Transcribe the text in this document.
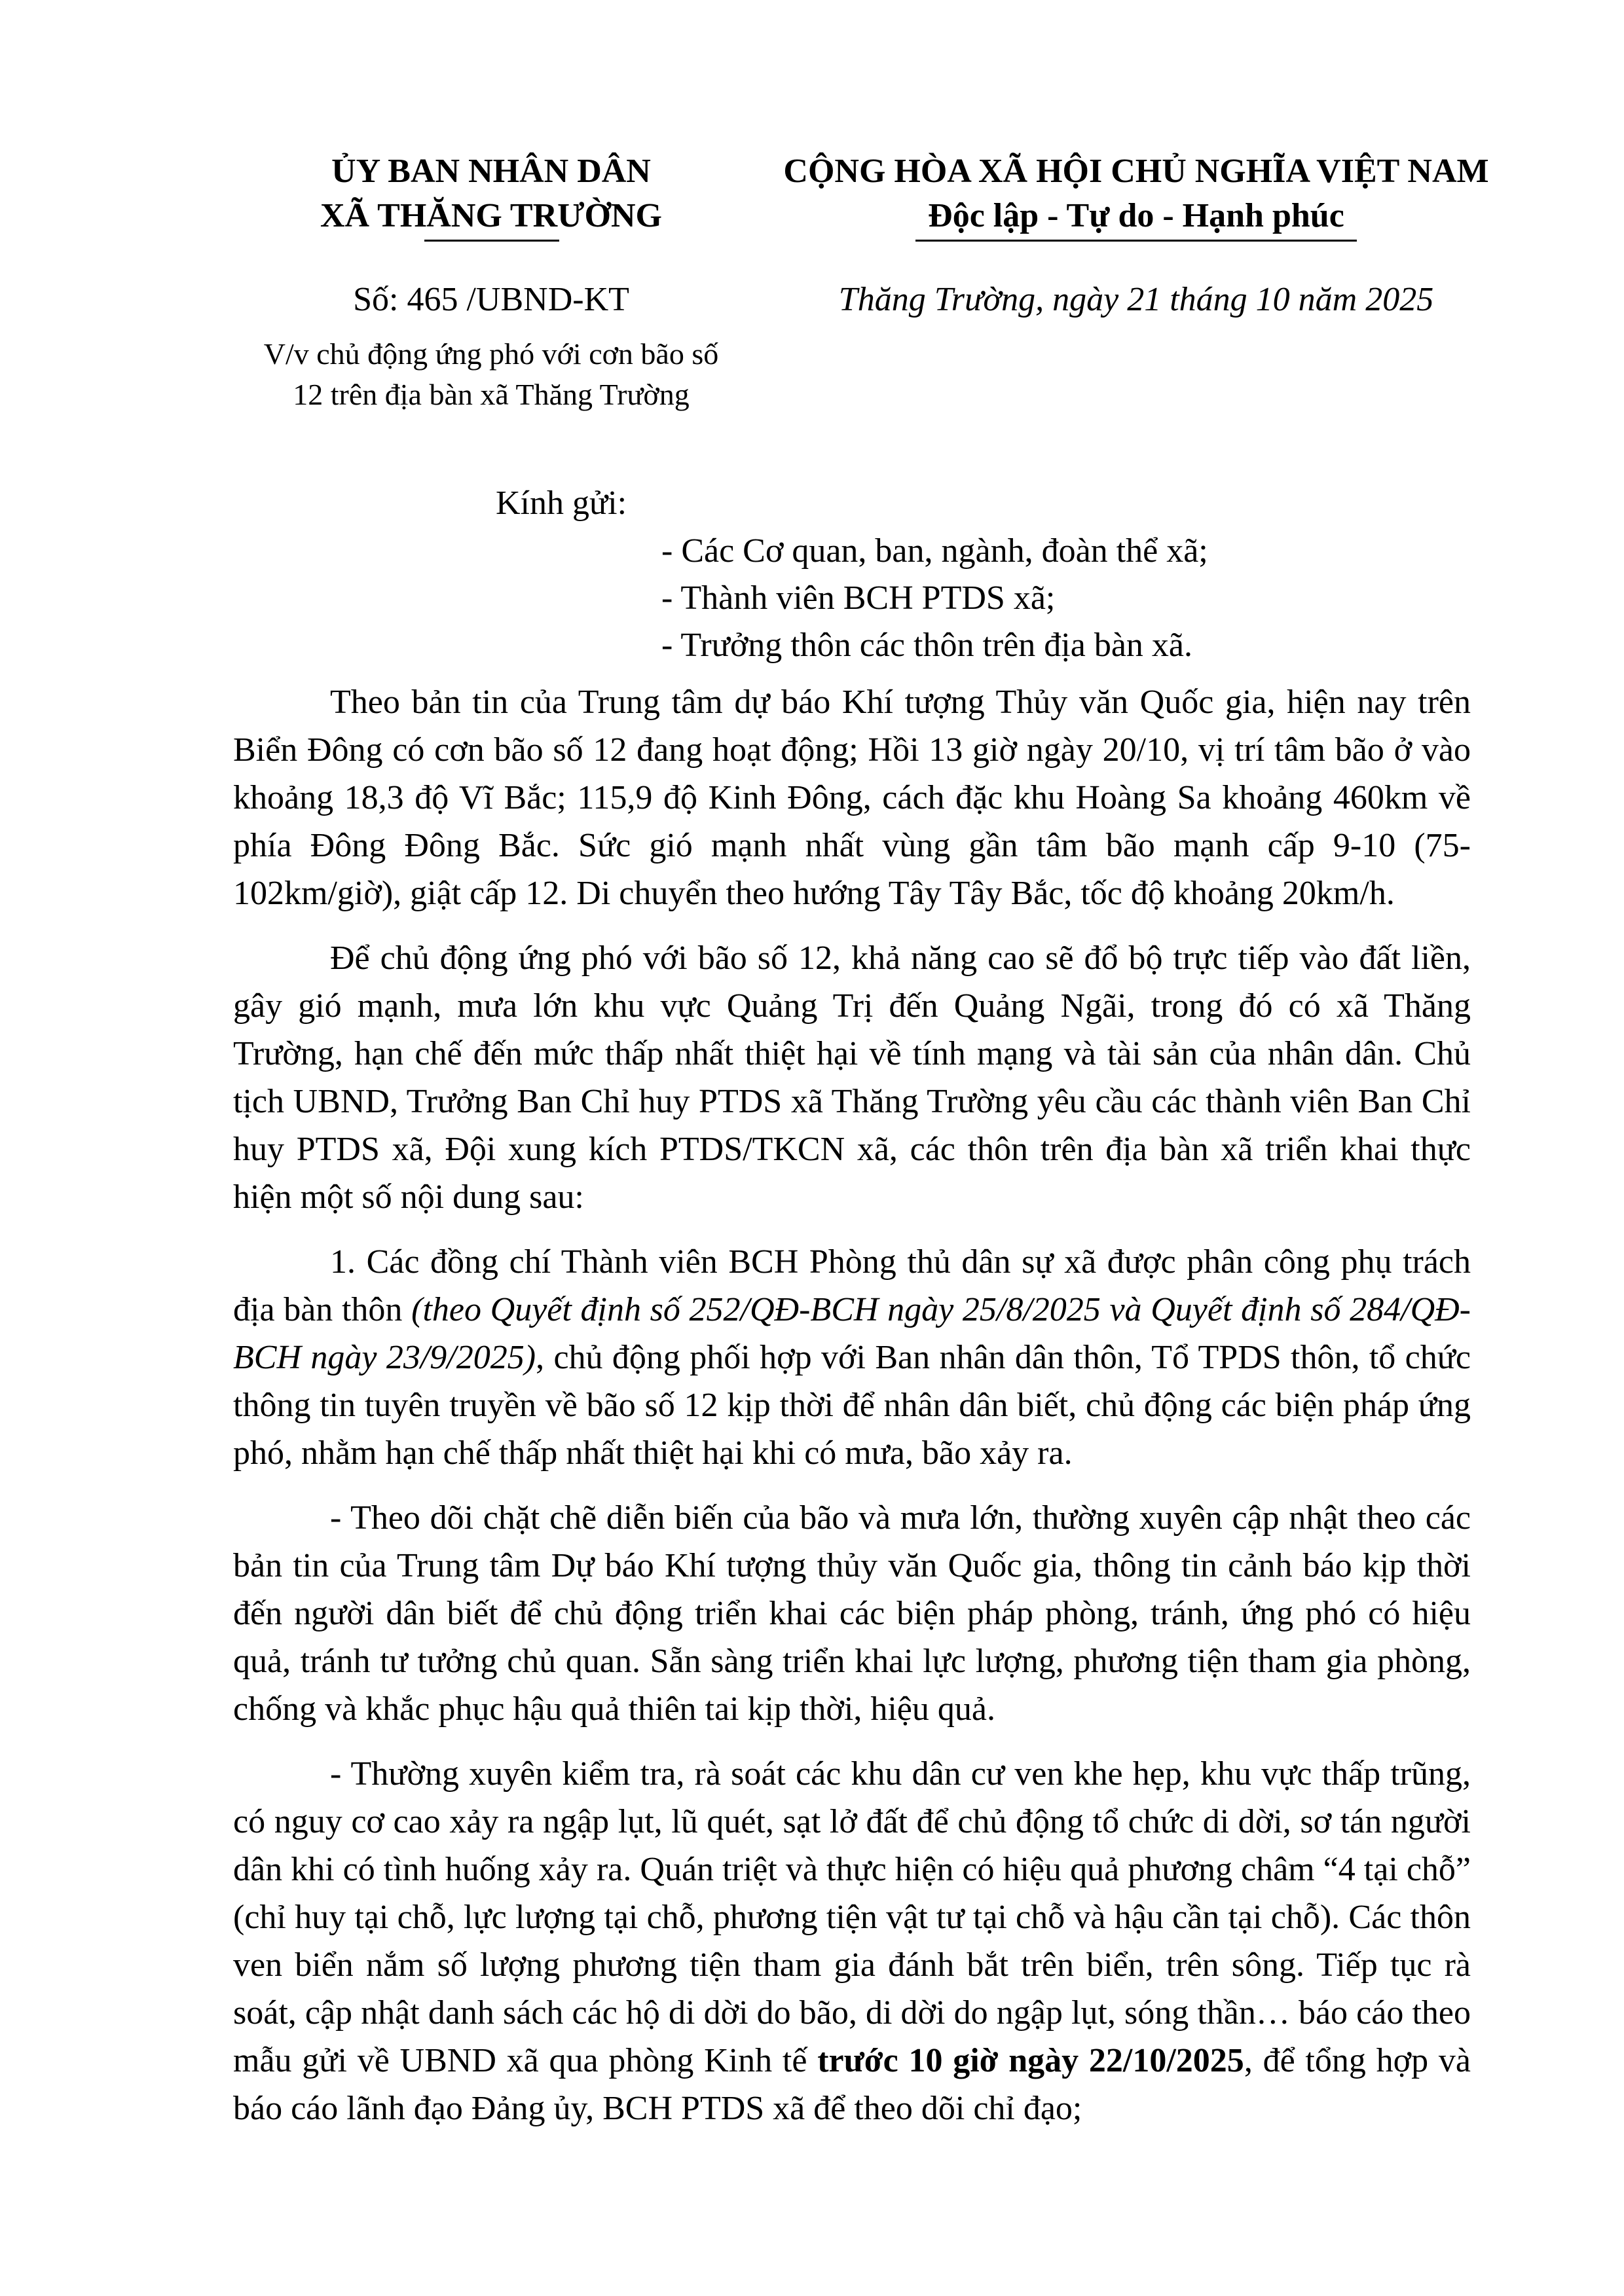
ỦY BAN NHÂN DÂN
XÃ THĂNG TRƯỜNG
CỘNG HÒA XÃ HỘI CHỦ NGHĨA VIỆT NAM
Độc lập - Tự do - Hạnh phúc
Số: 465 /UBND-KT	Thăng Trường, ngày 21 tháng 10 năm 2025
V/v chủ động ứng phó với cơn bão số
12 trên địa bàn xã Thăng Trường
Kính gửi:
- Các Cơ quan, ban, ngành, đoàn thể xã;
- Thành viên BCH PTDS xã;
- Trưởng thôn các thôn trên địa bàn xã.

Theo bản tin của Trung tâm dự báo Khí tượng Thủy văn Quốc gia, hiện nay trên Biển Đông có cơn bão số 12 đang hoạt động; Hồi 13 giờ ngày 20/10, vị trí tâm bão ở vào khoảng 18,3 độ Vĩ Bắc; 115,9 độ Kinh Đông, cách đặc khu Hoàng Sa khoảng 460km về phía Đông Đông Bắc. Sức gió mạnh nhất vùng gần tâm bão mạnh cấp 9-10 (75-102km/giờ), giật cấp 12. Di chuyển theo hướng Tây Tây Bắc, tốc độ khoảng 20km/h.

Để chủ động ứng phó với bão số 12, khả năng cao sẽ đổ bộ trực tiếp vào đất liền, gây gió mạnh, mưa lớn khu vực Quảng Trị đến Quảng Ngãi, trong đó có xã Thăng Trường, hạn chế đến mức thấp nhất thiệt hại về tính mạng và tài sản của nhân dân. Chủ tịch UBND, Trưởng Ban Chỉ huy PTDS xã Thăng Trường yêu cầu các thành viên Ban Chỉ huy PTDS xã, Đội xung kích PTDS/TKCN xã, các thôn trên địa bàn xã triển khai thực hiện một số nội dung sau:

1. Các đồng chí Thành viên BCH Phòng thủ dân sự xã được phân công phụ trách địa bàn thôn (theo Quyết định số 252/QĐ-BCH ngày 25/8/2025 và Quyết định số 284/QĐ-BCH ngày 23/9/2025), chủ động phối hợp với Ban nhân dân thôn, Tổ TPDS thôn, tổ chức thông tin tuyên truyền về bão số 12 kịp thời để nhân dân biết, chủ động các biện pháp ứng phó, nhằm hạn chế thấp nhất thiệt hại khi có mưa, bão xảy ra.

- Theo dõi chặt chẽ diễn biến của bão và mưa lớn, thường xuyên cập nhật theo các bản tin của Trung tâm Dự báo Khí tượng thủy văn Quốc gia, thông tin cảnh báo kịp thời đến người dân biết để chủ động triển khai các biện pháp phòng, tránh, ứng phó có hiệu quả, tránh tư tưởng chủ quan. Sẵn sàng triển khai lực lượng, phương tiện tham gia phòng, chống và khắc phục hậu quả thiên tai kịp thời, hiệu quả.

- Thường xuyên kiểm tra, rà soát các khu dân cư ven khe hẹp, khu vực thấp trũng, có nguy cơ cao xảy ra ngập lụt, lũ quét, sạt lở đất để chủ động tổ chức di dời, sơ tán người dân khi có tình huống xảy ra. Quán triệt và thực hiện có hiệu quả phương châm “4 tại chỗ” (chỉ huy tại chỗ, lực lượng tại chỗ, phương tiện vật tư tại chỗ và hậu cần tại chỗ). Các thôn ven biển nắm số lượng phương tiện tham gia đánh bắt trên biển, trên sông. Tiếp tục rà soát, cập nhật danh sách các hộ di dời do bão, di dời do ngập lụt, sóng thần… báo cáo theo mẫu gửi về UBND xã qua phòng Kinh tế trước 10 giờ ngày 22/10/2025, để tổng hợp và báo cáo lãnh đạo Đảng ủy, BCH PTDS xã để theo dõi chỉ đạo;
